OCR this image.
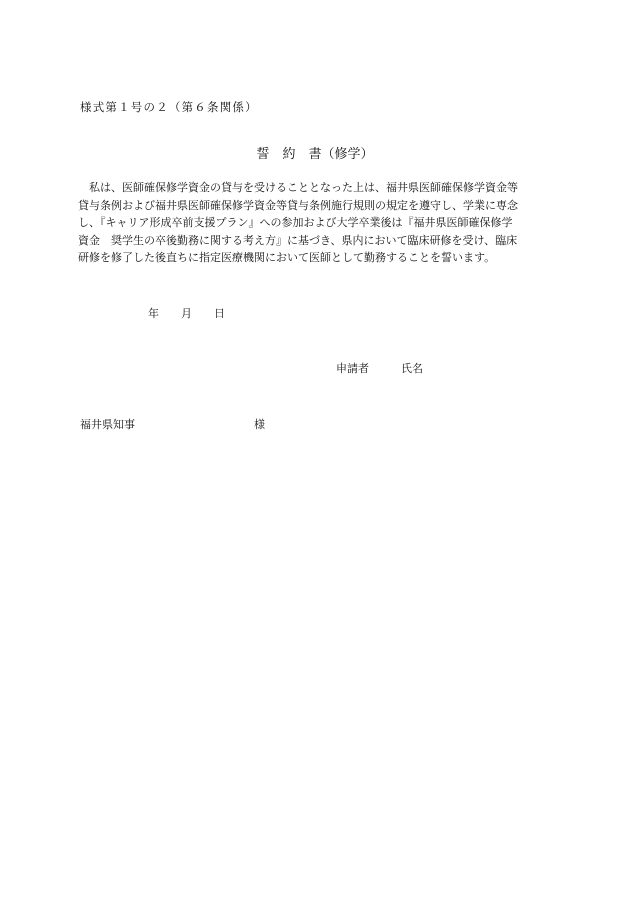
様式第１号の２（第６条関係）
誓　約　書（修学）
　私は、医師確保修学資金の貸与を受けることとなった上は、福井県医師確保修学資金等
貸与条例および福井県医師確保修学資金等貸与条例施行規則の規定を遵守し、学業に専念
し、『キャリア形成卒前支援プラン』への参加および大学卒業後は『福井県医師確保修学
資金　奨学生の卒後勤務に関する考え方』に基づき、県内において臨床研修を受け、臨床
研修を修了した後直ちに指定医療機関において医師として勤務することを誓います。
年　　月　　日
申請者	氏名
福井県知事	様
